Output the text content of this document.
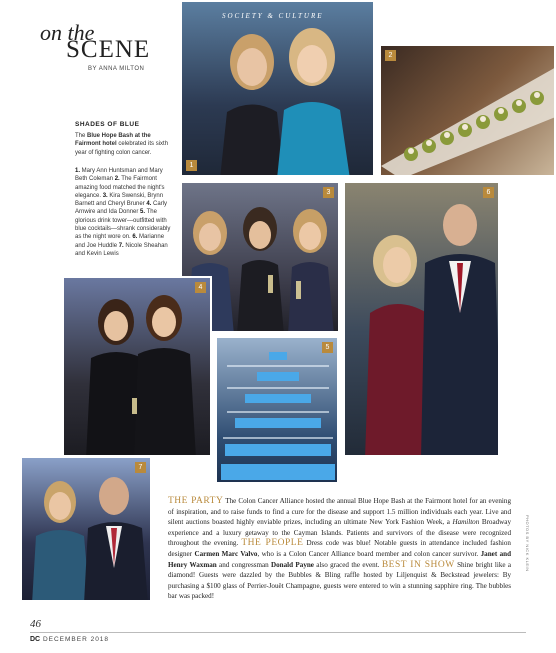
on the
SCENE
BY ANNA MILTON
1
SOCIETY & CULTURE
2
SHADES OF BLUE
The Blue Hope Bash at the Fairmont hotel celebrated its sixth year of fighting colon cancer.
1. Mary Ann Huntsman and Mary Beth Coleman 2. The Fairmont amazing food matched the night's elegance. 3. Kira Swenski, Brynn Barnett and Cheryl Bruner 4. Carly Arnwire and Ida Donner 5. The glorious drink tower—outfitted with blue cocktails—shrank considerably as the night wore on. 6. Marianne and Joe Huddle 7. Nicole Sheahan and Kevin Lewis
3	6
4
5
7
THE PARTY The Colon Cancer Alliance hosted the annual Blue Hope Bash at the Fairmont hotel for an evening of inspiration, and to raise funds to find a cure for the disease and support 1.5 million individuals each year. Live and silent auctions boasted highly enviable prizes, including an ultimate New York Fashion Week, a Hamilton Broadway experience and a luxury getaway to the Cayman Islands. Patients and survivors of the disease were recognized throughout the evening. THE PEOPLE Dress code was blue! Notable guests in attendance included fashion designer Carmen Marc Valvo, who is a Colon Cancer Alliance board member and colon cancer survivor. Janet and Henry Waxman and congressman Donald Payne also graced the event. BEST IN SHOW Shine bright like a diamond! Guests were dazzled by the Bubbles & Bling raffle hosted by Liljenquist & Beckstead jewelers: By purchasing a $100 glass of Perrier-Jouët Champagne, guests were entered to win a stunning sapphire ring. The bubbles bar was packed!
PHOTOS BY NICK KLEIN
46
DC DECEMBER 2018
